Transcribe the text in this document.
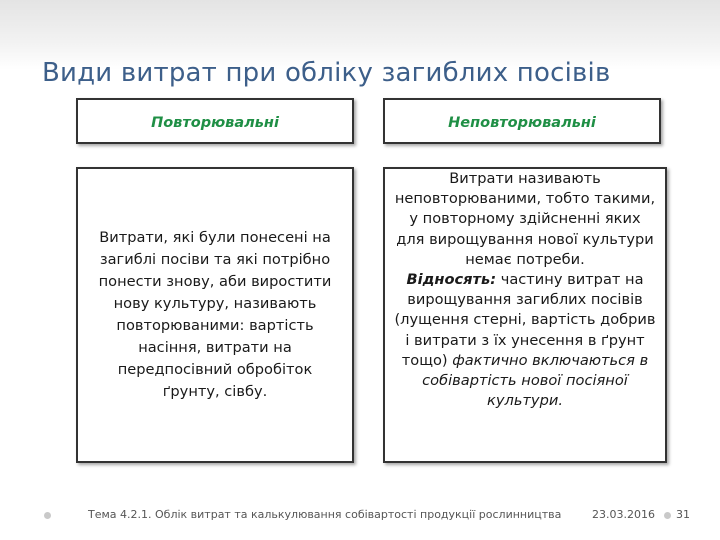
Види витрат при обліку загиблих посівів
Повторювальні	Неповторювальні
Витрати, які були понесені на загиблі посіви та які потрібно понести знову, аби виростити нову культуру, називають повторюваними: вартість насіння, витрати на передпосівний обробіток ґрунту, сівбу.

Витрати називають неповторюваними, тобто такими, у повторному здійсненні яких для вирощування нової культури немає потреби.
Відносять: частину витрат на вирощування загиблих посівів (лущення стерні, вартість добрив і витрати з їх унесення в ґрунт тощо) фактично включаються в собівартість нової посіяної культури.

Тема 4.2.1. Облік витрат та калькулювання собівартості продукції рослинництва	23.03.2016 31
